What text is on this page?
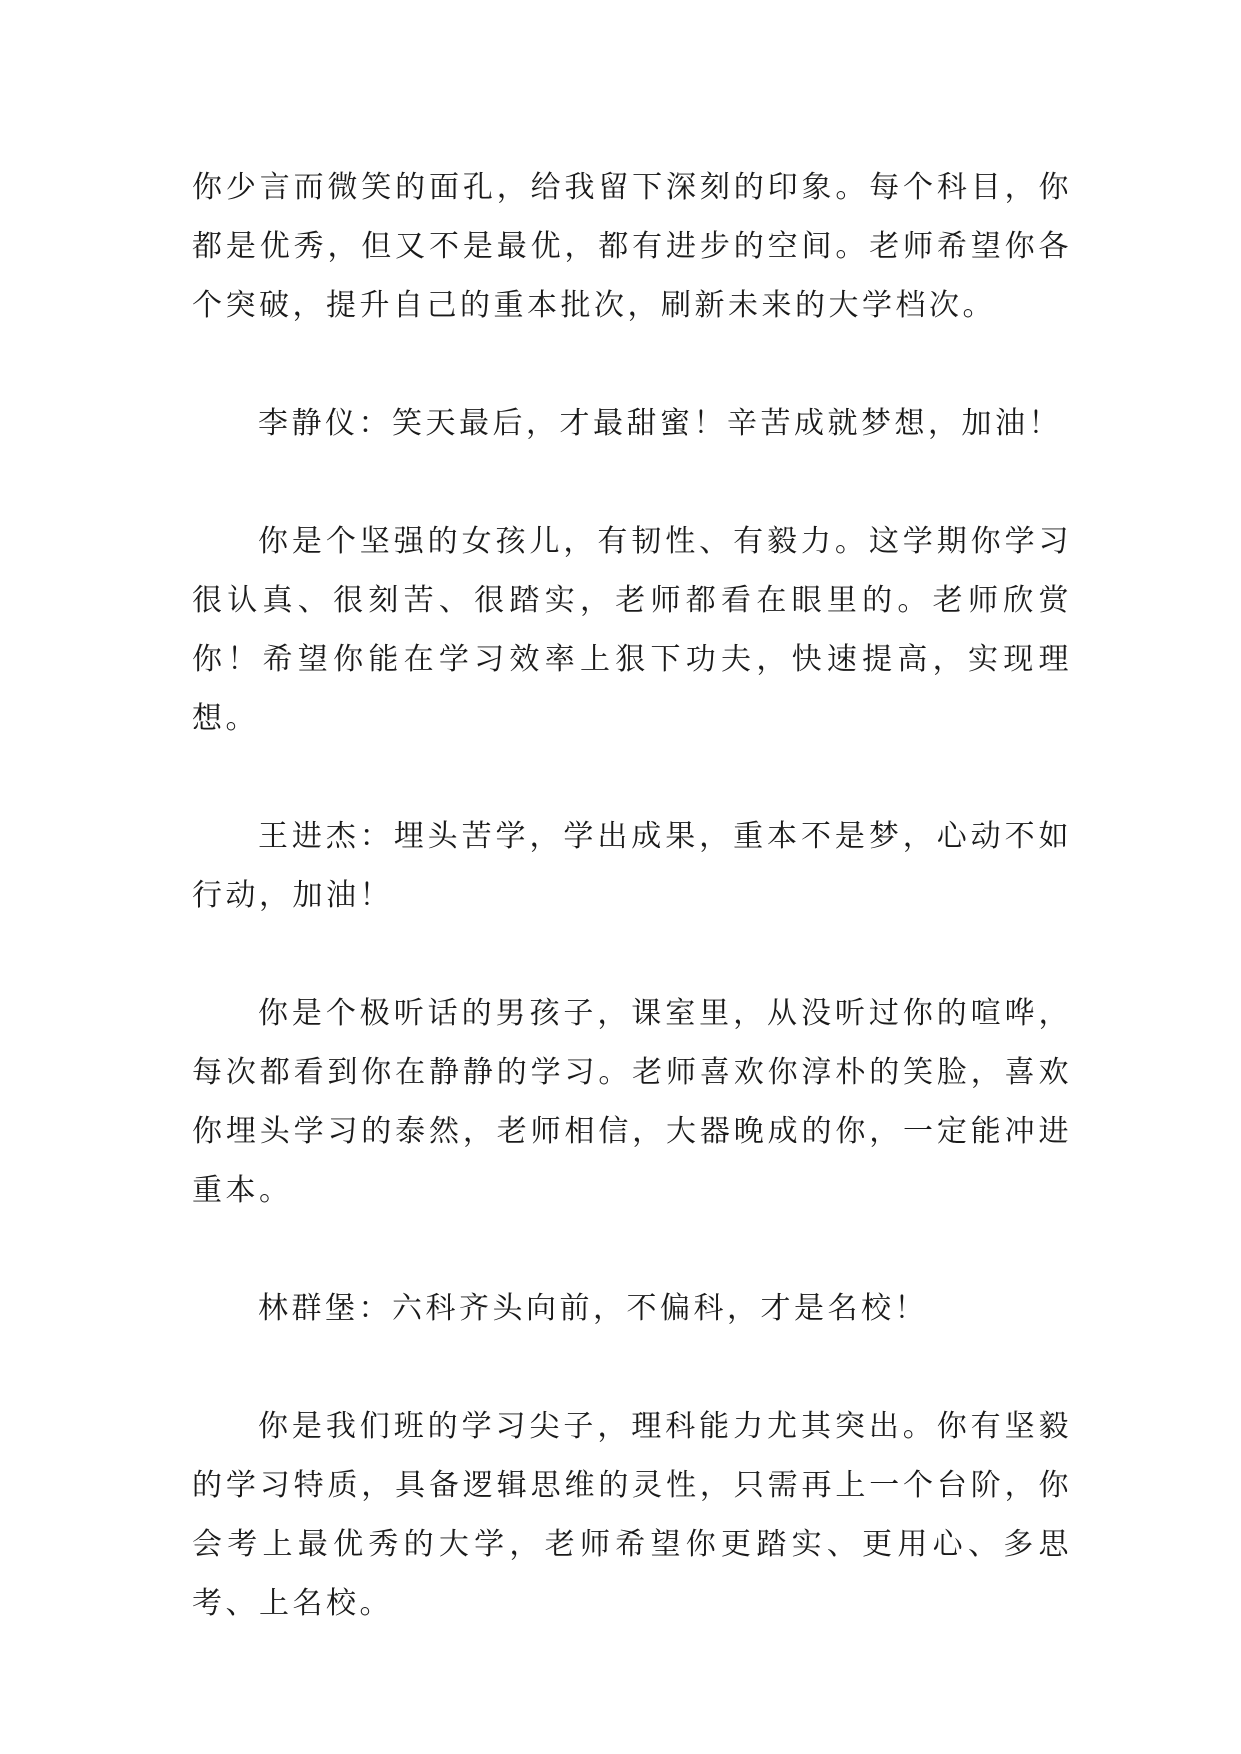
你少言而微笑的面孔，给我留下深刻的印象。每个科目，你都是优秀，但又不是最优，都有进步的空间。老师希望你各个突破，提升自己的重本批次，刷新未来的大学档次。

李静仪：笑天最后，才最甜蜜！辛苦成就梦想，加油！

你是个坚强的女孩儿，有韧性、有毅力。这学期你学习很认真、很刻苦、很踏实，老师都看在眼里的。老师欣赏你！希望你能在学习效率上狠下功夫，快速提高，实现理想。

王进杰：埋头苦学，学出成果，重本不是梦，心动不如行动，加油！

你是个极听话的男孩子，课室里，从没听过你的喧哗，每次都看到你在静静的学习。老师喜欢你淳朴的笑脸，喜欢你埋头学习的泰然，老师相信，大器晚成的你，一定能冲进重本。

林群堡：六科齐头向前，不偏科，才是名校！

你是我们班的学习尖子，理科能力尤其突出。你有坚毅的学习特质，具备逻辑思维的灵性，只需再上一个台阶，你会考上最优秀的大学，老师希望你更踏实、更用心、多思考、上名校。
